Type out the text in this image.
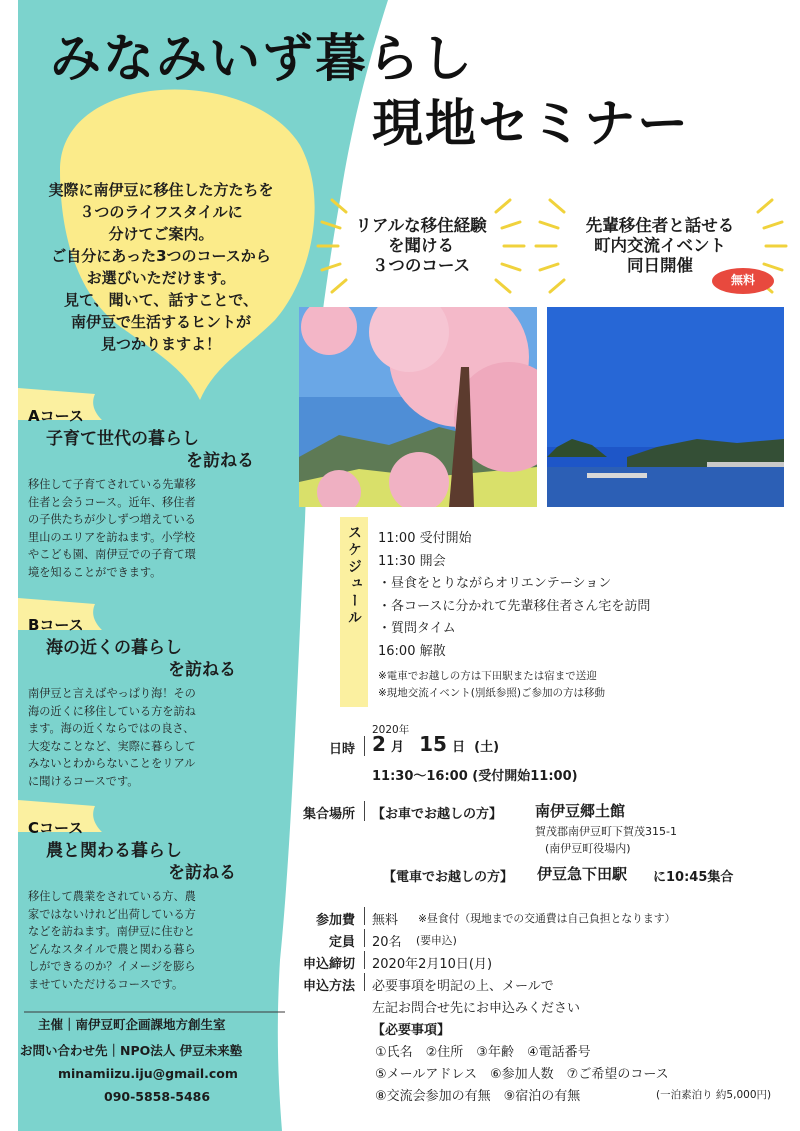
みなみいず暮らし
現地セミナー

実際に南伊豆に移住した方たちを

３つのライフスタイルに

分けてご案内。

ご自分にあった3つのコースから

お選びいただけます。

見て、聞いて、話すことで、

南伊豆で生活するヒントが

見つかりますよ！

Aコース
子育て世代の暮らし
を訪ねる
移住して子育てされている先輩移
住者と会うコース。近年、移住者
の子供たちが少しずつ増えている
里山のエリアを訪ねます。小学校
やこども園、南伊豆での子育て環
境を知ることができます。
Bコース
海の近くの暮らし
を訪ねる
南伊豆と言えばやっぱり海！その
海の近くに移住している方を訪ね
ます。海の近くならではの良さ、
大変なことなど、実際に暮らして
みないとわからないことをリアル
に聞けるコースです。
Cコース
農と関わる暮らし
を訪ねる
移住して農業をされている方、農
家ではないけれど出荷している方
などを訪ねます。南伊豆に住むと
どんなスタイルで農と関わる暮ら
しができるのか？イメージを膨ら
ませていただけるコースです。
主催｜南伊豆町企画課地方創生室

お問い合わせ先｜NPO法人 伊豆未来塾

minamiizu.iju@gmail.com

090-5858-5486

リアルな移住経験
を聞ける
３つのコース
先輩移住者と話せる
町内交流イベント
同日開催
無料
スケジュール 11:00 受付開始
11:30 開会
・昼食をとりながらオリエンテーション
・各コースに分かれて先輩移住者さん宅を訪問
・質問タイム
16:00 解散
※電車でお越しの方は下田駅または宿まで送迎
※現地交流イベント(別紙参照)ご参加の方は移動
日時
2020年
2 月 15 日 (土)
11:30〜16:00 (受付開始11:00)
集合場所 【お車でお越しの方】 南伊豆郷土館
賀茂郡南伊豆町下賀茂315-1
(南伊豆町役場内)
【電車でお越しの方】 伊豆急下田駅 に10:45集合
参加費 無料 ※昼食付（現地までの交通費は自己負担となります）
定員 20名 (要申込)
申込締切 2020年2月10日(月)
申込方法 必要事項を明記の上、メールで
左記お問合せ先にお申込みください
【必要事項】
①氏名　②住所　③年齢　④電話番号
⑤メールアドレス　⑥参加人数　⑦ご希望のコース
⑧交流会参加の有無　⑨宿泊の有無	(一泊素泊り 約5,000円)
